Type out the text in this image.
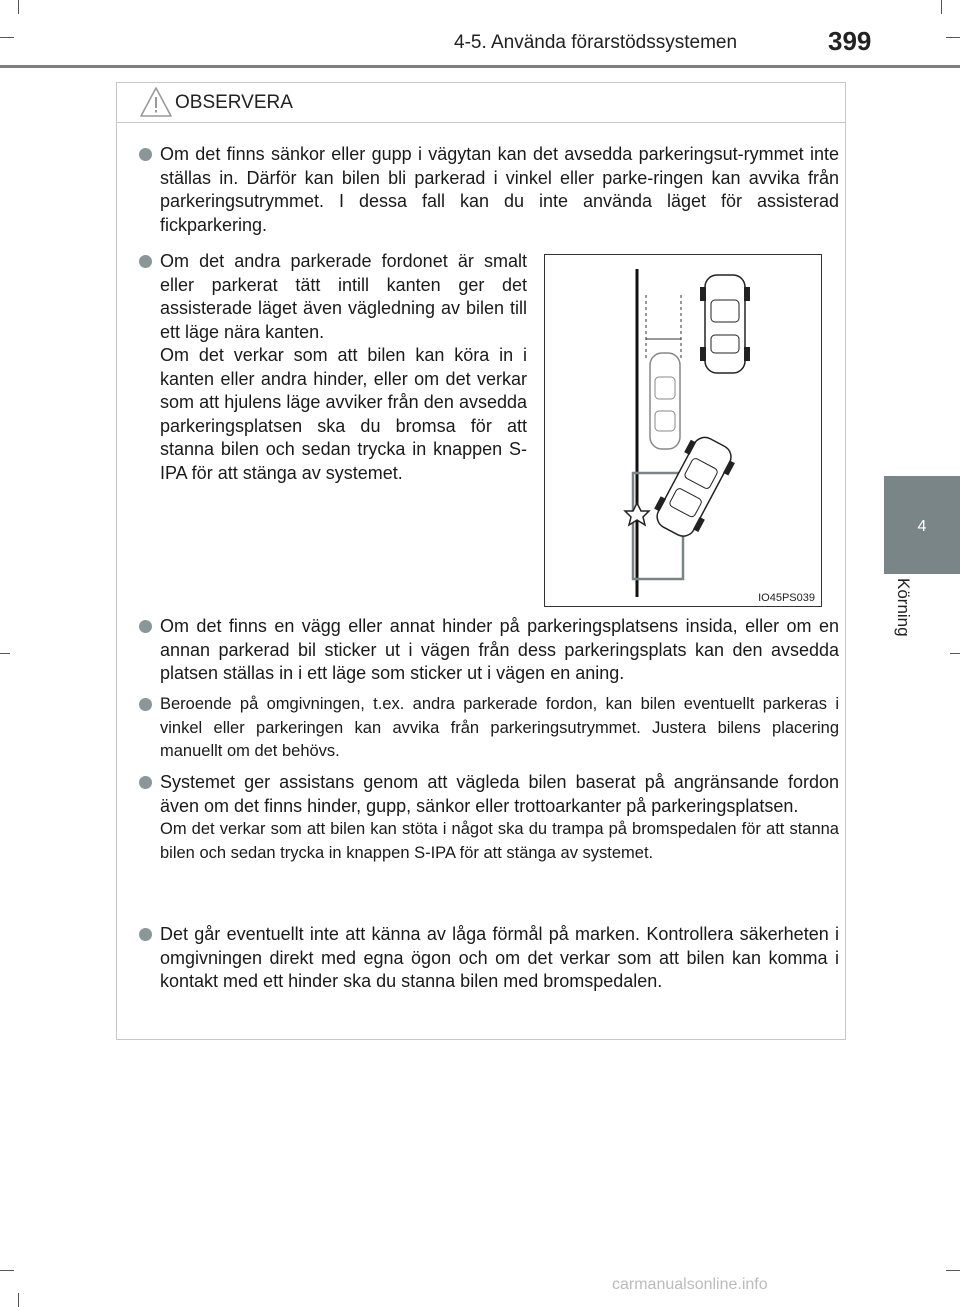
4-5. Använda förarstödssystemen	399
4
Körning
OBSERVERA

Om det finns sänkor eller gupp i vägytan kan det avsedda parkeringsut-rymmet inte ställas in. Därför kan bilen bli parkerad i vinkel eller parke-ringen kan avvika från parkeringsutrymmet. I dessa fall kan du inte använda läget för assisterad fickparkering.

Om det andra parkerade fordonet är smalt eller parkerat tätt intill kanten ger det assisterade läget även vägledning av bilen till ett läge nära kanten.

Om det verkar som att bilen kan köra in i kanten eller andra hinder, eller om det verkar som att hjulens läge avviker från den avsedda parkeringsplatsen ska du bromsa för att stanna bilen och sedan trycka in knappen S-IPA för att stänga av systemet.

IO45PS039

Om det finns en vägg eller annat hinder på parkeringsplatsens insida, eller om en annan parkerad bil sticker ut i vägen från dess parkeringsplats kan den avsedda platsen ställas in i ett läge som sticker ut i vägen en aning.

Beroende på omgivningen, t.ex. andra parkerade fordon, kan bilen eventuellt parkeras i vinkel eller parkeringen kan avvika från parkeringsutrymmet. Justera bilens placering manuellt om det behövs.

Systemet ger assistans genom att vägleda bilen baserat på angränsande fordon även om det finns hinder, gupp, sänkor eller trottoarkanter på parkeringsplatsen.

Om det verkar som att bilen kan stöta i något ska du trampa på bromspedalen för att stanna bilen och sedan trycka in knappen S-IPA för att stänga av systemet.

Det går eventuellt inte att känna av låga förmål på marken. Kontrollera säkerheten i omgivningen direkt med egna ögon och om det verkar som att bilen kan komma i kontakt med ett hinder ska du stanna bilen med bromspedalen.

carmanualsonline.info
